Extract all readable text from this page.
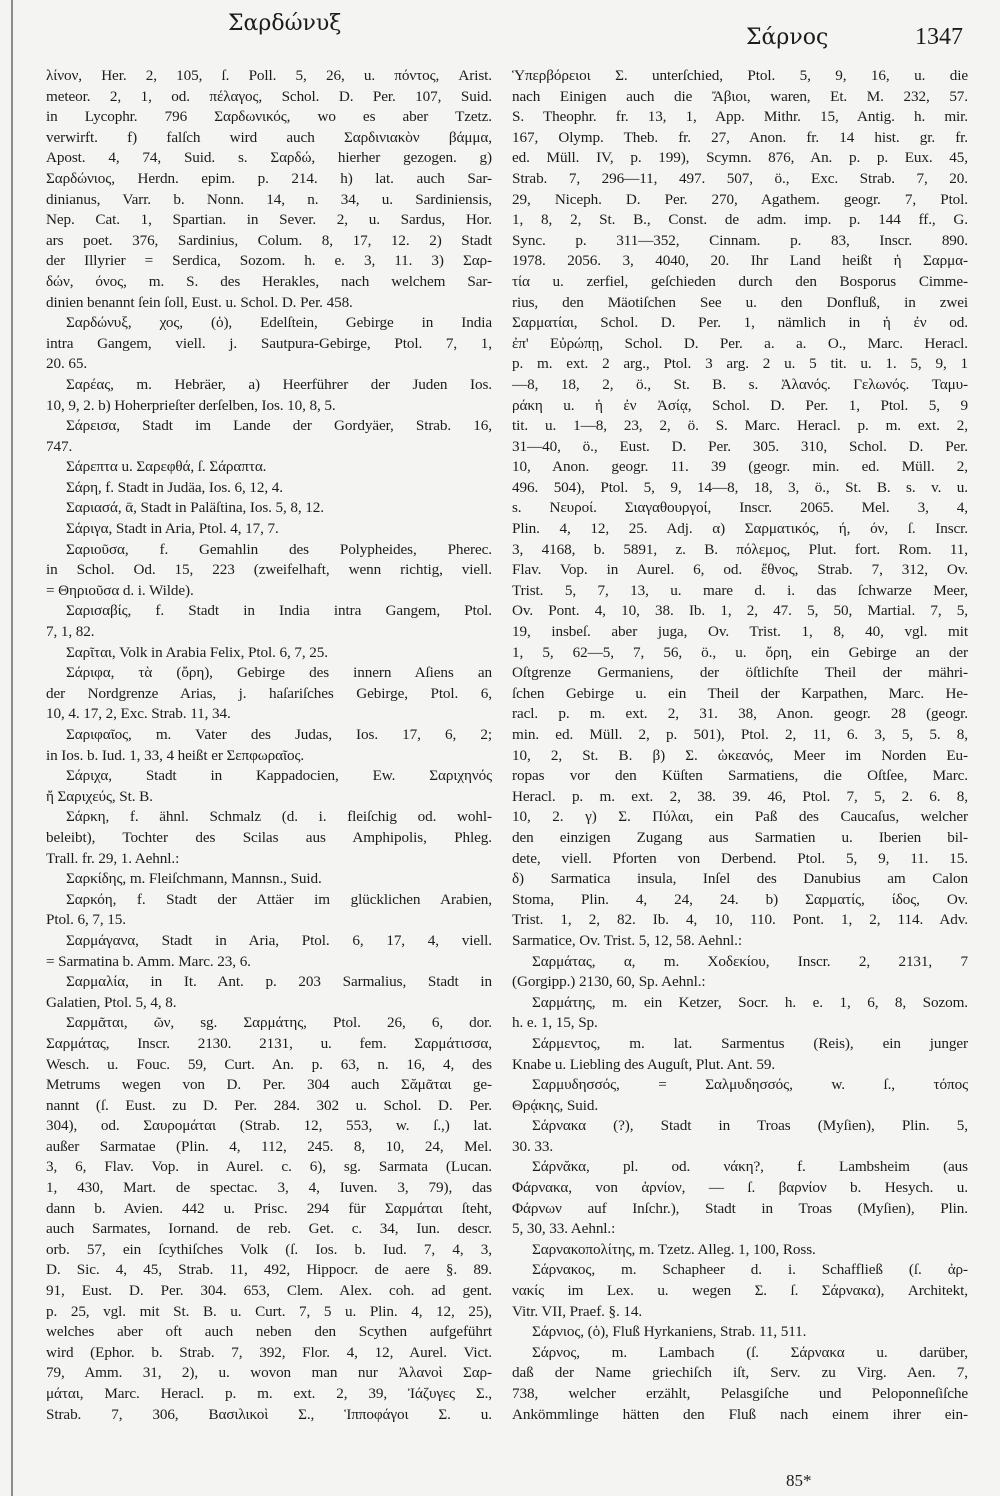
Σαρδώνυξ
Σάρνος	1347
λίνον, Her. 2, 105, ſ. Poll. 5, 26, u. πόντος, Arist.
meteor. 2, 1, od. πέλαγος, Schol. D. Per. 107, Suid.
in Lycophr. 796 Σαρδωνικός, wo es aber Tzetz.
verwirft. f) falſch wird auch Σαρδινιακὸν βάμμα,
Apost. 4, 74, Suid. s. Σαρδώ, hierher gezogen. g)
Σαρδώνιος, Herdn. epim. p. 214. h) lat. auch Sar-
dinianus, Varr. b. Nonn. 14, n. 34, u. Sardiniensis,
Nep. Cat. 1, Spartian. in Sever. 2, u. Sardus, Hor.
ars poet. 376, Sardinius, Colum. 8, 17, 12. 2) Stadt
der Illyrier = Serdica, Sozom. h. e. 3, 11. 3) Σαρ-
δών, όνος, m. S. des Herakles, nach welchem Sar-
dinien benannt ſein ſoll, Eust. u. Schol. D. Per. 458.
Σαρδώνυξ, χος, (ὁ), Edelſtein, Gebirge in India
intra Gangem, viell. j. Sautpura-Gebirge, Ptol. 7, 1,
20. 65.
Σαρέας, m. Hebräer, a) Heerführer der Juden Ios.
10, 9, 2. b) Hoherprieſter derſelben, Ios. 10, 8, 5.
Σάρεισα, Stadt im Lande der Gordyäer, Strab. 16,
747.
Σάρεπτα u. Σαρεφθά, ſ. Σάραπτα.
Σάρη, f. Stadt in Judäa, Ios. 6, 12, 4.
Σαριασά, ᾱ, Stadt in Paläſtina, Ios. 5, 8, 12.
Σάριγα, Stadt in Aria, Ptol. 4, 17, 7.
Σαριοῦσα, f. Gemahlin des Polypheides, Pherec.
in Schol. Od. 15, 223 (zweifelhaft, wenn richtig, viell.
= Θηριοῦσα d. i. Wilde).
Σαρισαβίς, f. Stadt in India intra Gangem, Ptol.
7, 1, 82.
Σαρῖται, Volk in Arabia Felix, Ptol. 6, 7, 25.
Σάριφα, τὰ (ὄρη), Gebirge des innern Aſiens an
der Nordgrenze Arias, j. haſariſches Gebirge, Ptol. 6,
10, 4. 17, 2, Exc. Strab. 11, 34.
Σαριφαῖος, m. Vater des Judas, Ios. 17, 6, 2;
in Ios. b. Iud. 1, 33, 4 heißt er Σεπφωραῖος.
Σάριχα, Stadt in Kappadocien, Ew. Σαριχηνός
ἤ Σαριχεύς, St. B.
Σάρκη, f. ähnl. Schmalz (d. i. fleiſchig od. wohl-
beleibt), Tochter des Scilas aus Amphipolis, Phleg.
Trall. fr. 29, 1. Aehnl.:
Σαρκίδης, m. Fleiſchmann, Mannsn., Suid.
Σαρκόη, f. Stadt der Attäer im glücklichen Arabien,
Ptol. 6, 7, 15.
Σαρμάγανα, Stadt in Aria, Ptol. 6, 17, 4, viell.
= Sarmatina b. Amm. Marc. 23, 6.
Σαρμαλία, in It. Ant. p. 203 Sarmalius, Stadt in
Galatien, Ptol. 5, 4, 8.
Σαρμᾶται, ῶν, sg. Σαρμάτης, Ptol. 26, 6, dor.
Σαρμάτας, Inscr. 2130. 2131, u. fem. Σαρμάτισσα,
Wesch. u. Fouc. 59, Curt. An. p. 63, n. 16, 4, des
Metrums wegen von D. Per. 304 auch Σᾰμᾶται ge-
nannt (ſ. Eust. zu D. Per. 284. 302 u. Schol. D. Per.
304), od. Σαυρομάται (Strab. 12, 553, w. ſ.,) lat.
außer Sarmatae (Plin. 4, 112, 245. 8, 10, 24, Mel.
3, 6, Flav. Vop. in Aurel. c. 6), sg. Sarmata (Lucan.
1, 430, Mart. de spectac. 3, 4, Iuven. 3, 79), das
dann b. Avien. 442 u. Prisc. 294 für Σαρμάται ſteht,
auch Sarmates, Iornand. de reb. Get. c. 34, Iun. descr.
orb. 57, ein ſcythiſches Volk (ſ. Ios. b. Iud. 7, 4, 3,
D. Sic. 4, 45, Strab. 11, 492, Hippocr. de aere §. 89.
91, Eust. D. Per. 304. 653, Clem. Alex. coh. ad gent.
p. 25, vgl. mit St. B. u. Curt. 7, 5 u. Plin. 4, 12, 25),
welches aber oft auch neben den Scythen aufgeführt
wird (Ephor. b. Strab. 7, 392, Flor. 4, 12, Aurel. Vict.
79, Amm. 31, 2), u. wovon man nur Ἀλανοὶ Σαρ-
μάται, Marc. Heracl. p. m. ext. 2, 39, Ἰάζυγες Σ.,
Strab. 7, 306, Βασιλικοὶ Σ., Ἱπποφάγοι Σ. u.
Ὑπερβόρειοι Σ. unterſchied, Ptol. 5, 9, 16, u. die
nach Einigen auch die Ἄβιοι, waren, Et. M. 232, 57.
S. Theophr. fr. 13, 1, App. Mithr. 15, Antig. h. mir.
167, Olymp. Theb. fr. 27, Anon. fr. 14 hist. gr. fr.
ed. Müll. IV, p. 199), Scymn. 876, An. p. p. Eux. 45,
Strab. 7, 296—11, 497. 507, ö., Exc. Strab. 7, 20.
29, Niceph. D. Per. 270, Agathem. geogr. 7, Ptol.
1, 8, 2, St. B., Const. de adm. imp. p. 144 ff., G.
Sync. p. 311—352, Cinnam. p. 83, Inscr. 890.
1978. 2056. 3, 4040, 20. Ihr Land heißt ἡ Σαρμα-
τία u. zerfiel, geſchieden durch den Bosporus Cimme-
rius, den Mäotiſchen See u. den Donfluß, in zwei
Σαρματίαι, Schol. D. Per. 1, nämlich in ἡ ἐν od.
ἐπ' Εὐρώπῃ, Schol. D. Per. a. a. O., Marc. Heracl.
p. m. ext. 2 arg., Ptol. 3 arg. 2 u. 5 tit. u. 1. 5, 9, 1
—8, 18, 2, ö., St. B. s. Ἀλανός. Γελωνός. Ταμυ-
ράκη u. ἡ ἐν Ἀσίᾳ, Schol. D. Per. 1, Ptol. 5, 9
tit. u. 1—8, 23, 2, ö. S. Marc. Heracl. p. m. ext. 2,
31—40, ö., Eust. D. Per. 305. 310, Schol. D. Per.
10, Anon. geogr. 11. 39 (geogr. min. ed. Müll. 2,
496. 504), Ptol. 5, 9, 14—8, 18, 3, ö., St. B. s. v. u.
s. Νευροί. Σιαγαθουργοί, Inscr. 2065. Mel. 3, 4,
Plin. 4, 12, 25. Adj. α) Σαρματικός, ή, όν, ſ. Inscr.
3, 4168, b. 5891, z. B. πόλεμος, Plut. fort. Rom. 11,
Flav. Vop. in Aurel. 6, od. ἔθνος, Strab. 7, 312, Ov.
Trist. 5, 7, 13, u. mare d. i. das ſchwarze Meer,
Ov. Pont. 4, 10, 38. Ib. 1, 2, 47. 5, 50, Martial. 7, 5,
19, insbeſ. aber juga, Ov. Trist. 1, 8, 40, vgl. mit
1, 5, 62—5, 7, 56, ö., u. ὄρη, ein Gebirge an der
Oſtgrenze Germaniens, der öſtlichſte Theil der mähri-
ſchen Gebirge u. ein Theil der Karpathen, Marc. He-
racl. p. m. ext. 2, 31. 38, Anon. geogr. 28 (geogr.
min. ed. Müll. 2, p. 501), Ptol. 2, 11, 6. 3, 5, 5. 8,
10, 2, St. B. β) Σ. ὠκεανός, Meer im Norden Eu-
ropas vor den Küſten Sarmatiens, die Oſtſee, Marc.
Heracl. p. m. ext. 2, 38. 39. 46, Ptol. 7, 5, 2. 6. 8,
10, 2. γ) Σ. Πύλαι, ein Paß des Caucaſus, welcher
den einzigen Zugang aus Sarmatien u. Iberien bil-
dete, viell. Pforten von Derbend. Ptol. 5, 9, 11. 15.
δ) Sarmatica insula, Inſel des Danubius am Calon
Stoma, Plin. 4, 24, 24. b) Σαρματίς, ίδος, Ov.
Trist. 1, 2, 82. Ib. 4, 10, 110. Pont. 1, 2, 114. Adv.
Sarmatice, Ov. Trist. 5, 12, 58. Aehnl.:
Σαρμάτας, α, m. Χοδεκίου, Inscr. 2, 2131, 7
(Gorgipp.) 2130, 60, Sp. Aehnl.:
Σαρμάτης, m. ein Ketzer, Socr. h. e. 1, 6, 8, Sozom.
h. e. 1, 15, Sp.
Σάρμεντος, m. lat. Sarmentus (Reis), ein junger
Knabe u. Liebling des Auguſt, Plut. Ant. 59.
Σαρμυδησσός, = Σαλμυδησσός, w. ſ., τόπος
Θρᾴκης, Suid.
Σάρνακα (?), Stadt in Troas (Myſien), Plin. 5,
30. 33.
Σάρνᾰκα, pl. od. νάκη?, f. Lambsheim (aus
Φάρνακα, von ἀρνίον, — ſ. βαρνίον b. Hesych. u.
Φάρνων auf Inſchr.), Stadt in Troas (Myſien), Plin.
5, 30, 33. Aehnl.:
Σαρνακοπολίτης, m. Tzetz. Alleg. 1, 100, Ross.
Σάρνακος, m. Schapheer d. i. Schaffließ (ſ. ἀρ-
νακίς im Lex. u. wegen Σ. ſ. Σάρνακα), Architekt,
Vitr. VII, Praef. §. 14.
Σάρνιος, (ὁ), Fluß Hyrkaniens, Strab. 11, 511.
Σάρνος, m. Lambach (ſ. Σάρνακα u. darüber,
daß der Name griechiſch iſt, Serv. zu Virg. Aen. 7,
738, welcher erzählt, Pelasgiſche und Peloponneſiſche
Ankömmlinge hätten den Fluß nach einem ihrer ein-
85*
